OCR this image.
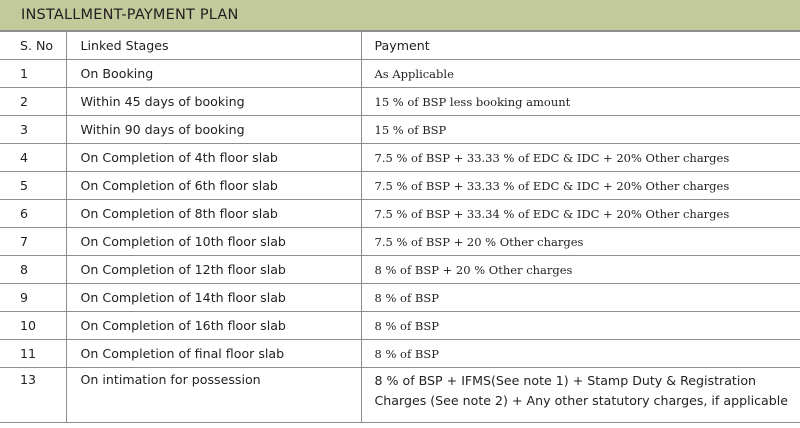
INSTALLMENT-PAYMENT PLAN
S. No	Linked Stages	Payment
1	On Booking	As Applicable
2	Within 45 days of booking	15 % of BSP less booking amount
3	Within 90 days of booking	15 % of BSP
4	On Completion of 4th floor slab	7.5 % of BSP + 33.33 % of EDC & IDC + 20% Other charges
5	On Completion of 6th floor slab	7.5 % of BSP + 33.33 % of EDC & IDC + 20% Other charges
6	On Completion of 8th floor slab	7.5 % of BSP + 33.34 % of EDC & IDC + 20% Other charges
7	On Completion of 10th floor slab	7.5 % of BSP + 20 % Other charges
8	On Completion of 12th floor slab	8 % of BSP + 20 % Other charges
9	On Completion of 14th floor slab	8 % of BSP
10	On Completion of 16th floor slab	8 % of BSP
11	On Completion of final floor slab	8 % of BSP
13	On intimation for possession	8 % of BSP + IFMS(See note 1) + Stamp Duty & Registration Charges (See note 2) + Any other statutory charges, if applicable
